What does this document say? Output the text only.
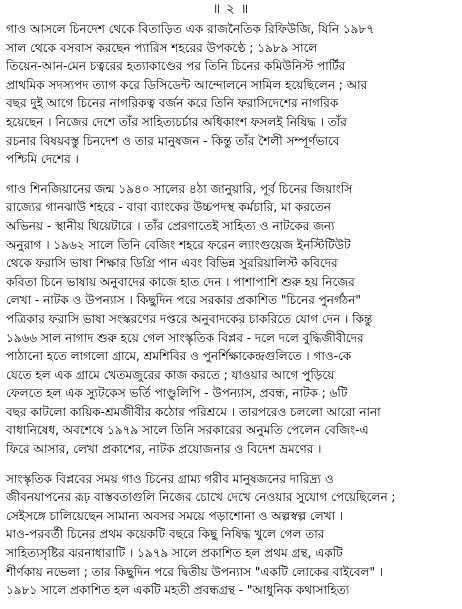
॥ ২ ॥

গাও আসলে চিনদেশ থেকে বিতাড়িত এক রাজনৈতিক রিফিউজি, যিনি ১৯৮৭
সাল থেকে বসবাস করছেন প্যারিস শহরের উপকণ্ঠে ; ১৯৮৯ সালে
তিয়েন-আন-মেন চত্বরের হত্যাকাণ্ডের পর তিনি চিনের কমিউনিস্ট পার্টির
প্রাথমিক সদস্যপদ ত্যাগ করে ডিসিডেন্ট আন্দোলনে সামিল হয়েছিলেন ; আর
বছর দুই আগে চিনের নাগরিকত্ব বর্জন করে তিনি ফরাসিদেশের নাগরিক
হয়েছেন । নিজের দেশে তাঁর সাহিত্যচর্চার অধিকাংশ ফসলই নিষিদ্ধ । তাঁর
রচনার বিষয়বস্তু চিনদেশ ও তার মানুষজন - কিন্তু তাঁর শৈলী সম্পূর্ণভাবে
পশ্চিমি দেশের ।

গাও শিনজিয়ানের জন্ম ১৯৪০ সালের ৪ঠা জানুয়ারি, পূর্ব চিনের জিয়াংসি
রাজ্যের গানঝাউ শহরে - বাবা ব্যাংকের উচ্চপদস্থ কর্মচারি, মা করতেন
অভিনয় - স্থানীয় থিয়েটারে । তাঁর প্রেরণাতেই সাহিত্য ও নাটকের জন্য
অনুরাগ । ১৯৬২ সালে তিনি বেজিং শহরে ফরেন ল্যাংগুয়েজ ইনস্টিটিউট
থেকে ফরাসি ভাষা শিক্ষার ডিগ্রি পান এবং বিভিন্ন সুররিয়ালিস্ট কবিদের
কবিতা চিনে ভাষায় অনুবাদের কাজে হাত দেন । পাশাপাশি শুরু হয় নিজের
লেখা - নাটক ও উপন্যাস । কিছুদিন পরে সরকার প্রকাশিত "চিনের পুনর্গঠন"
পত্রিকার ফরাসি ভাষা সংস্করণের দপ্তরে অনুবাদকের চাকরিতে যোগ দেন । কিন্তু
১৯৬৬ সাল নাগাদ শুরু হয়ে গেল সাংস্কৃতিক বিপ্লব - দলে দলে বুদ্ধিজীবীদের
পাঠানো হতে লাগলো গ্রামে, শ্রমশিবির ও পুনর্শিক্ষাকেন্দ্রগুলিতে । গাও-কে
যেতে হল এক গ্রামে খেতমজুরের কাজ করতে ; যাওয়ার আগে পুড়িয়ে
ফেলতে হল এক স্যুটকেস ভর্তি পাণ্ডুলিপি - উপন্যাস, প্রবন্ধ, নাটক ; ৬টি
বছর কাটলো কায়িক-শ্রমজীবীর কঠোর পরিশ্রমে । তারপরেও চললো আরো নানা
বাধানিষেধ, অবশেষে ১৯৭৯ সালে তিনি সরকারের অনুমতি পেলেন বেজিং-এ
ফিরে আসার, লেখা প্রকাশের, নাটক প্রযোজনার ও বিদেশ ভ্রমণের ।

সাংস্কৃতিক বিপ্লবের সময় গাও চিনের গ্রাম্য গরীব মানুষজনের দারিদ্র্য ও
জীবনযাপনের রূঢ় বাস্তবতাগুলি নিজের চোখে দেখে নেওয়ার সুযোগ পেয়েছিলেন ;
সেইসঙ্গে চালিয়েছেন সামান্য অবসর সময়ে পড়াশোনা ও অল্পস্বল্প লেখা ।
মাও-পরবর্তী চিনের প্রথম কয়েকটি বছরে কিছু নিষিদ্ধ খুলে গেল তার
সাহিত্যসৃষ্টির ঝরনাধারাটি । ১৯৭৯ সালে প্রকাশিত হল প্রথম গ্রন্থ, একটি
শীর্ণকায় নভেলা ; তার কিছুদিন পরে দ্বিতীয় উপন্যাস "একটি লোকের বাইবেল" ।
১৯৮১ সালে প্রকাশিত হল একটি মহতী প্রবন্ধগ্রন্থ - "আধুনিক কথাসাহিত্য
